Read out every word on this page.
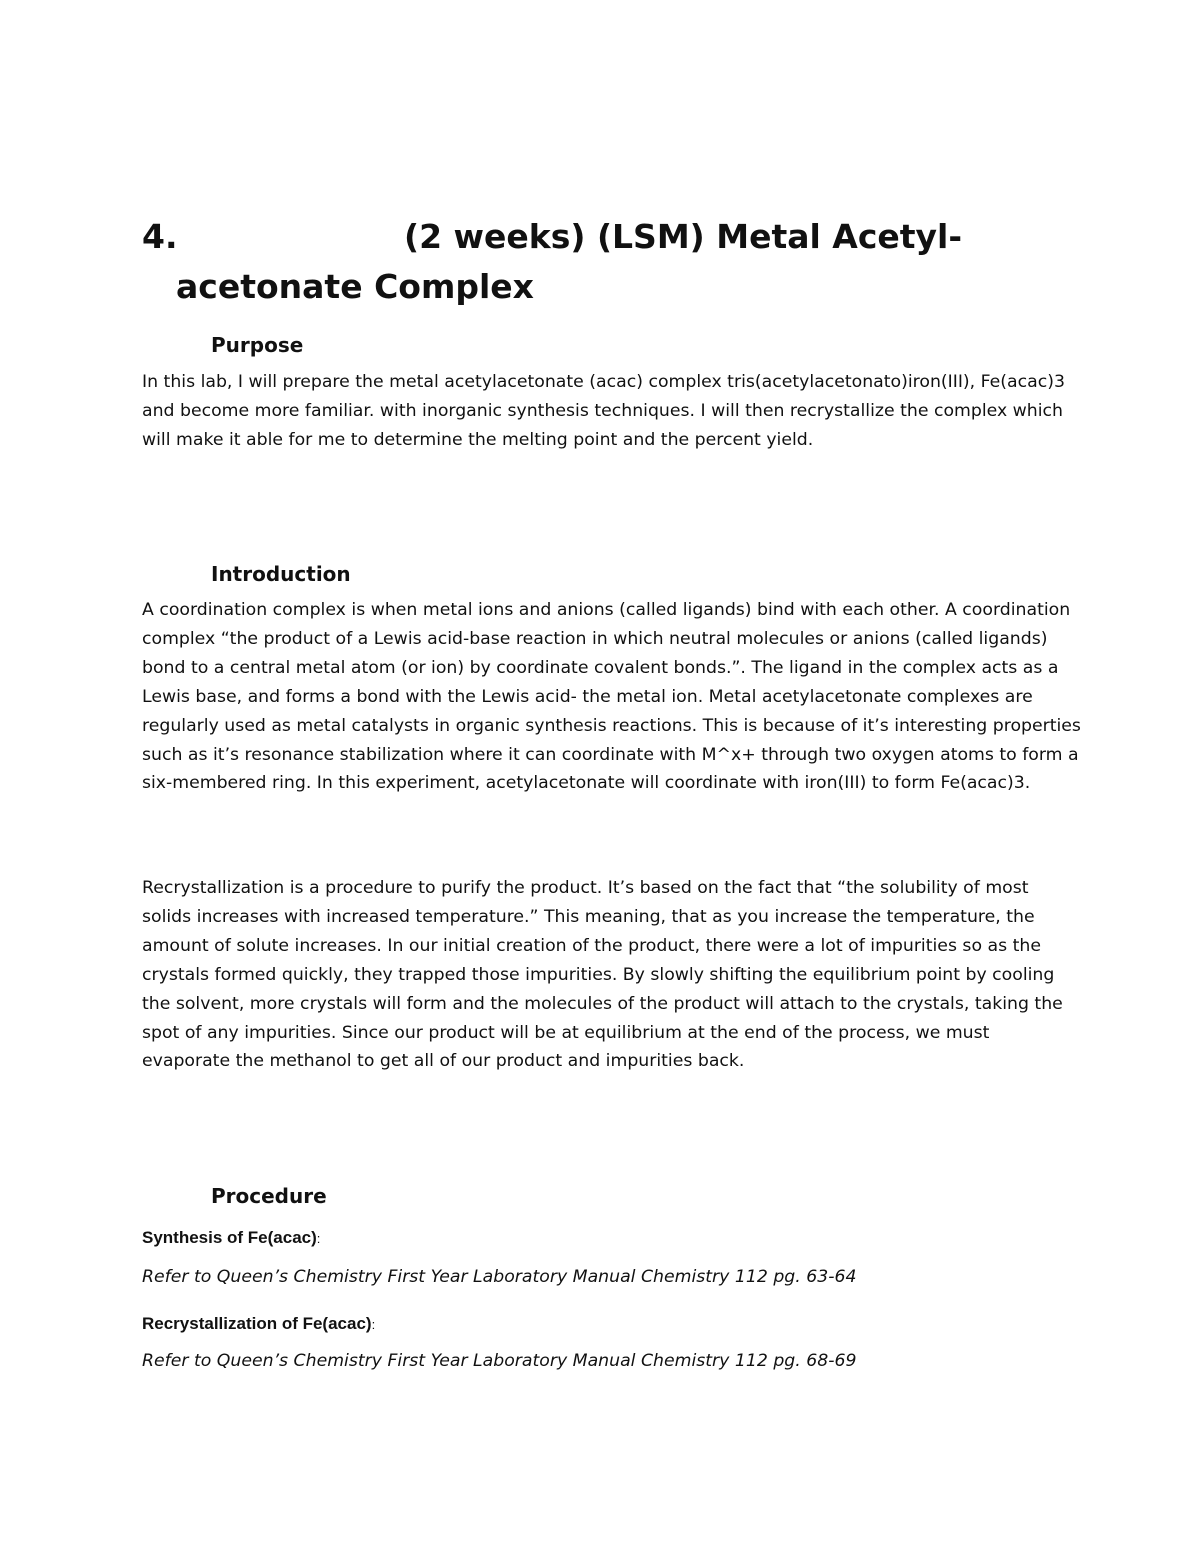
4.	(2 weeks) (LSM) Metal Acetyl-
acetonate Complex
Purpose

In this lab, I will prepare the metal acetylacetonate (acac) complex tris(acetylacetonato)iron(III), Fe(acac)3 and become more familiar. with inorganic synthesis techniques. I will then recrystallize the complex which will make it able for me to determine the melting point and the percent yield.

Introduction

A coordination complex is when metal ions and anions (called ligands) bind with each other. A coordination complex “the product of a Lewis acid-base reaction in which neutral molecules or anions (called ligands) bond to a central metal atom (or ion) by coordinate covalent bonds.”. The ligand in the complex acts as a Lewis base, and forms a bond with the Lewis acid- the metal ion. Metal acetylacetonate complexes are regularly used as metal catalysts in organic synthesis reactions. This is because of it’s interesting properties such as it’s resonance stabilization where it can coordinate with M^x+ through two oxygen atoms to form a six-membered ring. In this experiment, acetylacetonate will coordinate with iron(III) to form Fe(acac)3.

Recrystallization is a procedure to purify the product. It’s based on the fact that “the solubility of most solids increases with increased temperature.” This meaning, that as you increase the temperature, the amount of solute increases. In our initial creation of the product, there were a lot of impurities so as the crystals formed quickly, they trapped those impurities. By slowly shifting the equilibrium point by cooling the solvent, more crystals will form and the molecules of the product will attach to the crystals, taking the spot of any impurities. Since our product will be at equilibrium at the end of the process, we must evaporate the methanol to get all of our product and impurities back.

Procedure

Synthesis of Fe(acac):

Refer to Queen’s Chemistry First Year Laboratory Manual Chemistry 112 pg. 63-64

Recrystallization of Fe(acac):

Refer to Queen’s Chemistry First Year Laboratory Manual Chemistry 112 pg. 68-69
